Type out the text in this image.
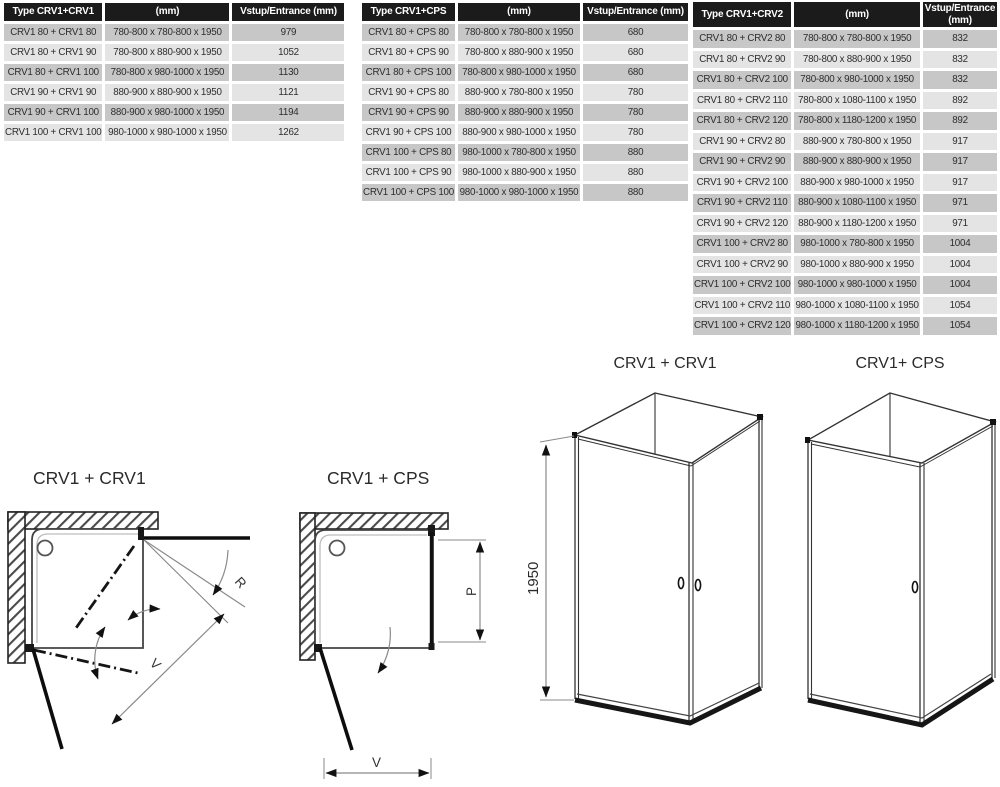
Type CRV1+CRV1	(mm)	Vstup/Entrance (mm)
CRV1 80 + CRV1 80	780-800 x 780-800 x 1950	979
CRV1 80 + CRV1 90	780-800 x 880-900 x 1950	1052
CRV1 80 + CRV1 100	780-800 x 980-1000 x 1950	1130
CRV1 90 + CRV1 90	880-900 x 880-900 x 1950	1121
CRV1 90 + CRV1 100	880-900 x 980-1000 x 1950	1194
CRV1 100 + CRV1 100	980-1000 x 980-1000 x 1950	1262
Type CRV1+CPS	(mm)	Vstup/Entrance (mm)
CRV1 80 + CPS 80	780-800 x 780-800 x 1950	680
CRV1 80 + CPS 90	780-800 x 880-900 x 1950	680
CRV1 80 + CPS 100	780-800 x 980-1000 x 1950	680
CRV1 90 + CPS 80	880-900 x 780-800 x 1950	780
CRV1 90 + CPS 90	880-900 x 880-900 x 1950	780
CRV1 90 + CPS 100	880-900 x 980-1000 x 1950	780
CRV1 100 + CPS 80	980-1000 x 780-800 x 1950	880
CRV1 100 + CPS 90	980-1000 x 880-900 x 1950	880
CRV1 100 + CPS 100	980-1000 x 980-1000 x 1950	880
Type CRV1+CRV2	(mm)	Vstup/Entrance (mm)
CRV1 80 + CRV2 80	780-800 x 780-800 x 1950	832
CRV1 80 + CRV2 90	780-800 x 880-900 x 1950	832
CRV1 80 + CRV2 100	780-800 x 980-1000 x 1950	832
CRV1 80 + CRV2 110	780-800 x 1080-1100 x 1950	892
CRV1 80 + CRV2 120	780-800 x 1180-1200 x 1950	892
CRV1 90 + CRV2 80	880-900 x 780-800 x 1950	917
CRV1 90 + CRV2 90	880-900 x 880-900 x 1950	917
CRV1 90 + CRV2 100	880-900 x 980-1000 x 1950	917
CRV1 90 + CRV2 110	880-900 x 1080-1100 x 1950	971
CRV1 90 + CRV2 120	880-900 x 1180-1200 x 1950	971
CRV1 100 + CRV2 80	980-1000 x 780-800 x 1950	1004
CRV1 100 + CRV2 90	980-1000 x 880-900 x 1950	1004
CRV1 100 + CRV2 100	980-1000 x 980-1000 x 1950	1004
CRV1 100 + CRV2 110	980-1000 x 1080-1100 x 1950	1054
CRV1 100 + CRV2 120	980-1000 x 1180-1200 x 1950	1054
CRV1 + CRV1
R
V
CRV1 + CPS
P
V
CRV1 + CRV1
1950
CRV1+ CPS
